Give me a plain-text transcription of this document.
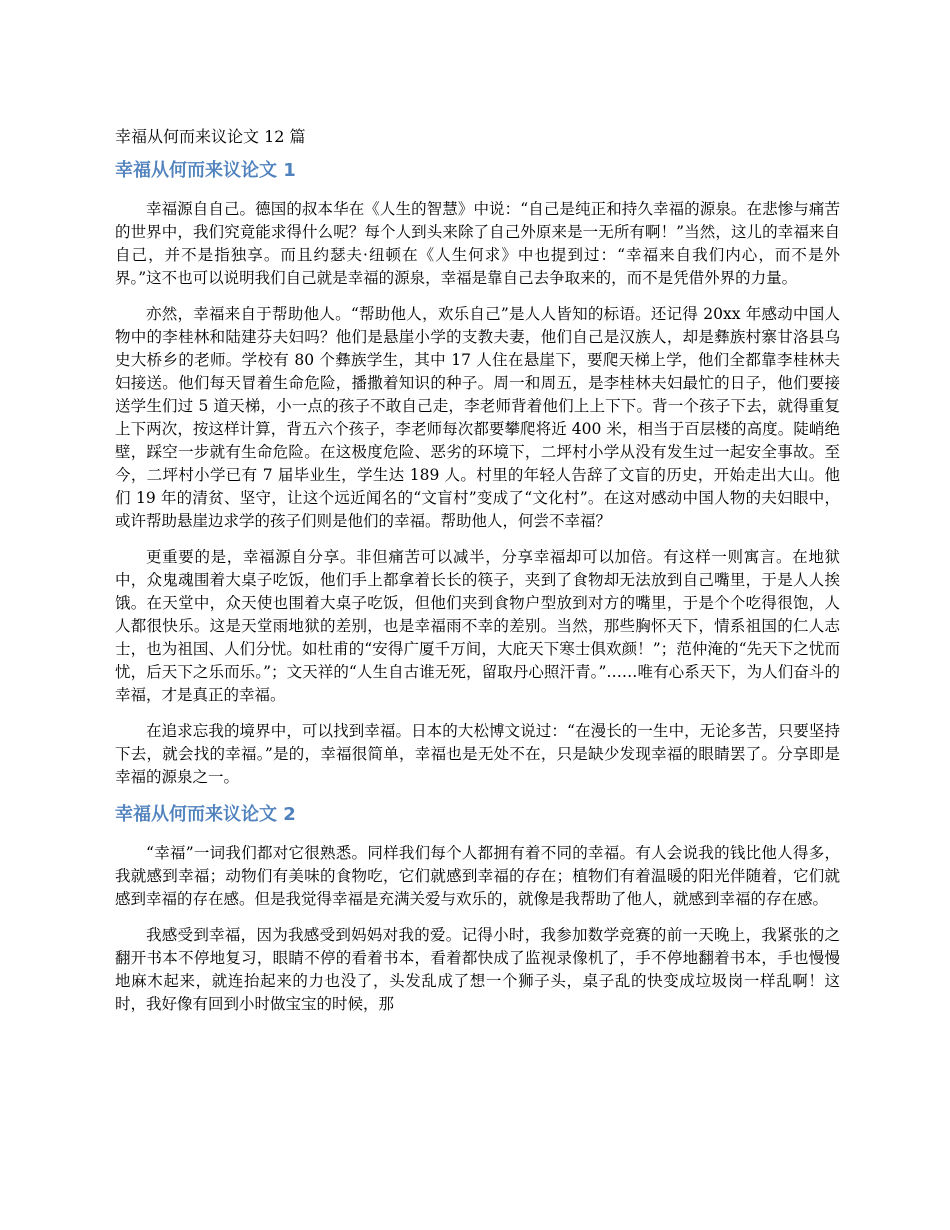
幸福从何而来议论文 12 篇
幸福从何而来议论文 1

幸福源自自己。德国的叔本华在《人生的智慧》中说：“自己是纯正和持久幸福的源泉。在悲惨与痛苦的世界中，我们究竟能求得什么呢？每个人到头来除了自己外原来是一无所有啊！”当然，这儿的幸福来自自己，并不是指独享。而且约瑟夫·纽顿在《人生何求》中也提到过：“幸福来自我们内心，而不是外界。”这不也可以说明我们自己就是幸福的源泉，幸福是靠自己去争取来的，而不是凭借外界的力量。

亦然，幸福来自于帮助他人。“帮助他人，欢乐自己”是人人皆知的标语。还记得 20xx 年感动中国人物中的李桂林和陆建芬夫妇吗？他们是悬崖小学的支教夫妻，他们自己是汉族人，却是彝族村寨甘洛县乌史大桥乡的老师。学校有 80 个彝族学生，其中 17 人住在悬崖下，要爬天梯上学，他们全都靠李桂林夫妇接送。他们每天冒着生命危险，播撒着知识的种子。周一和周五，是李桂林夫妇最忙的日子，他们要接送学生们过 5 道天梯，小一点的孩子不敢自己走，李老师背着他们上上下下。背一个孩子下去，就得重复上下两次，按这样计算，背五六个孩子，李老师每次都要攀爬将近 400 米，相当于百层楼的高度。陡峭绝壁，踩空一步就有生命危险。在这极度危险、恶劣的环境下，二坪村小学从没有发生过一起安全事故。至今，二坪村小学已有 7 届毕业生，学生达 189 人。村里的年轻人告辞了文盲的历史，开始走出大山。他们 19 年的清贫、坚守，让这个远近闻名的“文盲村”变成了“文化村”。在这对感动中国人物的夫妇眼中，或许帮助悬崖边求学的孩子们则是他们的幸福。帮助他人，何尝不幸福？

更重要的是，幸福源自分享。非但痛苦可以减半，分享幸福却可以加倍。有这样一则寓言。在地狱中，众鬼魂围着大桌子吃饭，他们手上都拿着长长的筷子，夹到了食物却无法放到自己嘴里，于是人人挨饿。在天堂中，众天使也围着大桌子吃饭，但他们夹到食物户型放到对方的嘴里，于是个个吃得很饱，人人都很快乐。这是天堂雨地狱的差别，也是幸福雨不幸的差别。当然，那些胸怀天下，情系祖国的仁人志士，也为祖国、人们分忧。如杜甫的“安得广厦千万间，大庇天下寒士俱欢颜！”；范仲淹的“先天下之忧而忧，后天下之乐而乐。”；文天祥的“人生自古谁无死，留取丹心照汗青。”……唯有心系天下，为人们奋斗的幸福，才是真正的幸福。

在追求忘我的境界中，可以找到幸福。日本的大松博文说过：“在漫长的一生中，无论多苦，只要坚持下去，就会找的幸福。”是的，幸福很简单，幸福也是无处不在，只是缺少发现幸福的眼睛罢了。分享即是幸福的源泉之一。

幸福从何而来议论文 2

“幸福”一词我们都对它很熟悉。同样我们每个人都拥有着不同的幸福。有人会说我的钱比他人得多，我就感到幸福；动物们有美味的食物吃，它们就感到幸福的存在；植物们有着温暖的阳光伴随着，它们就感到幸福的存在感。但是我觉得幸福是充满关爱与欢乐的，就像是我帮助了他人，就感到幸福的存在感。

我感受到幸福，因为我感受到妈妈对我的爱。记得小时，我参加数学竞赛的前一天晚上，我紧张的之翻开书本不停地复习，眼睛不停的看着书本，看着都快成了监视录像机了，手不停地翻着书本，手也慢慢地麻木起来，就连抬起来的力也没了，头发乱成了想一个狮子头，桌子乱的快变成垃圾岗一样乱啊！这时，我好像有回到小时做宝宝的时候，那
